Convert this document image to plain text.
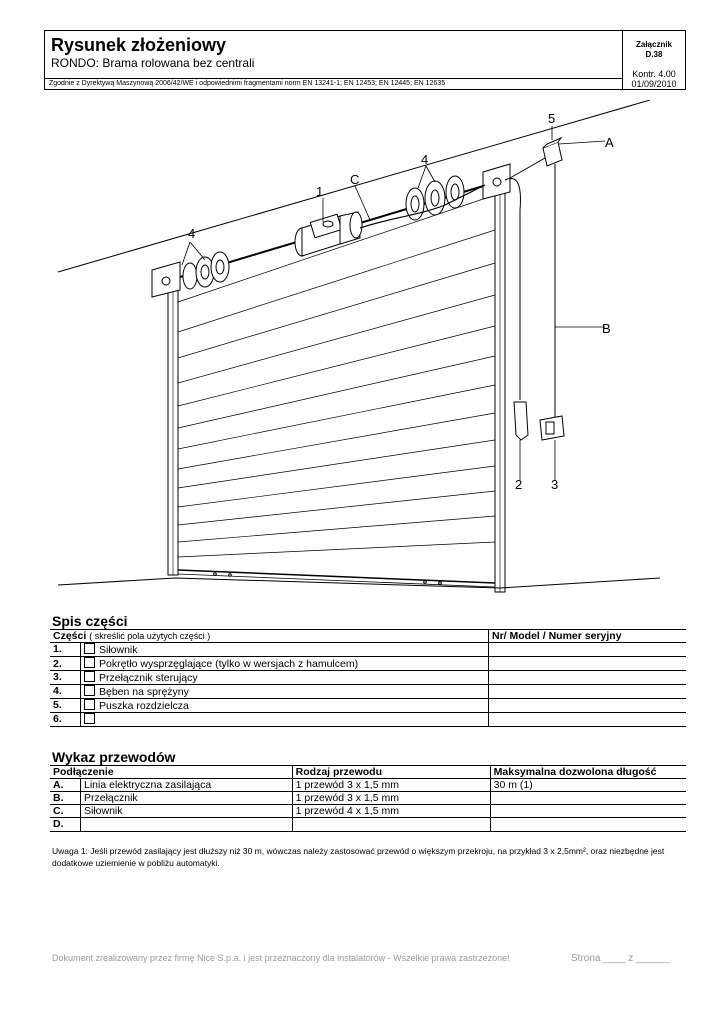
Rysunek złożeniowy
RONDO: Brama rolowana bez centrali
Zgodnie z Dyrektywą Maszynową 2006/42/WE i odpowiednimi fragmentami norm EN 13241-1; EN 12453; EN 12445; EN 12635
Załącznik
D.38
Kontr. 4.00
01/09/2010
1
C
4
4
5
A
B
2 3
Spis części
Części ( skreślić pola użytych części )		Nr/ Model / Numer seryjny
1.	Siłownik	
2.	Pokrętło wysprzęglające (tylko w wersjach z hamulcem)	
3.	Przełącznik sterujący	
4.	Bęben na sprężyny	
5.	Puszka rozdzielcza	
6.		
Wykaz przewodów
Podłączenie		Rodzaj przewodu	Maksymalna dozwolona długość
A.	Linia elektryczna zasilająca	1 przewód 3 x 1,5 mm	30 m (1)
B.	Przełącznik	1 przewód 3 x 1,5 mm	
C.	Siłownik	1 przewód 4 x 1,5 mm	
D.			
Uwaga 1: Jeśli przewód zasilający jest dłuższy niż 30 m, wówczas należy zastosować przewód o większym przekroju, na przykład 3 x 2,5mm², oraz niezbędne jest dodatkowe uziemienie w pobliżu automatyki.
Dokument zrealizowany przez firmę Nice S.p.a. i jest przeznaczony dla instalatorów - Wszelkie prawa zastrzeżone!	Strona ____ z ______
